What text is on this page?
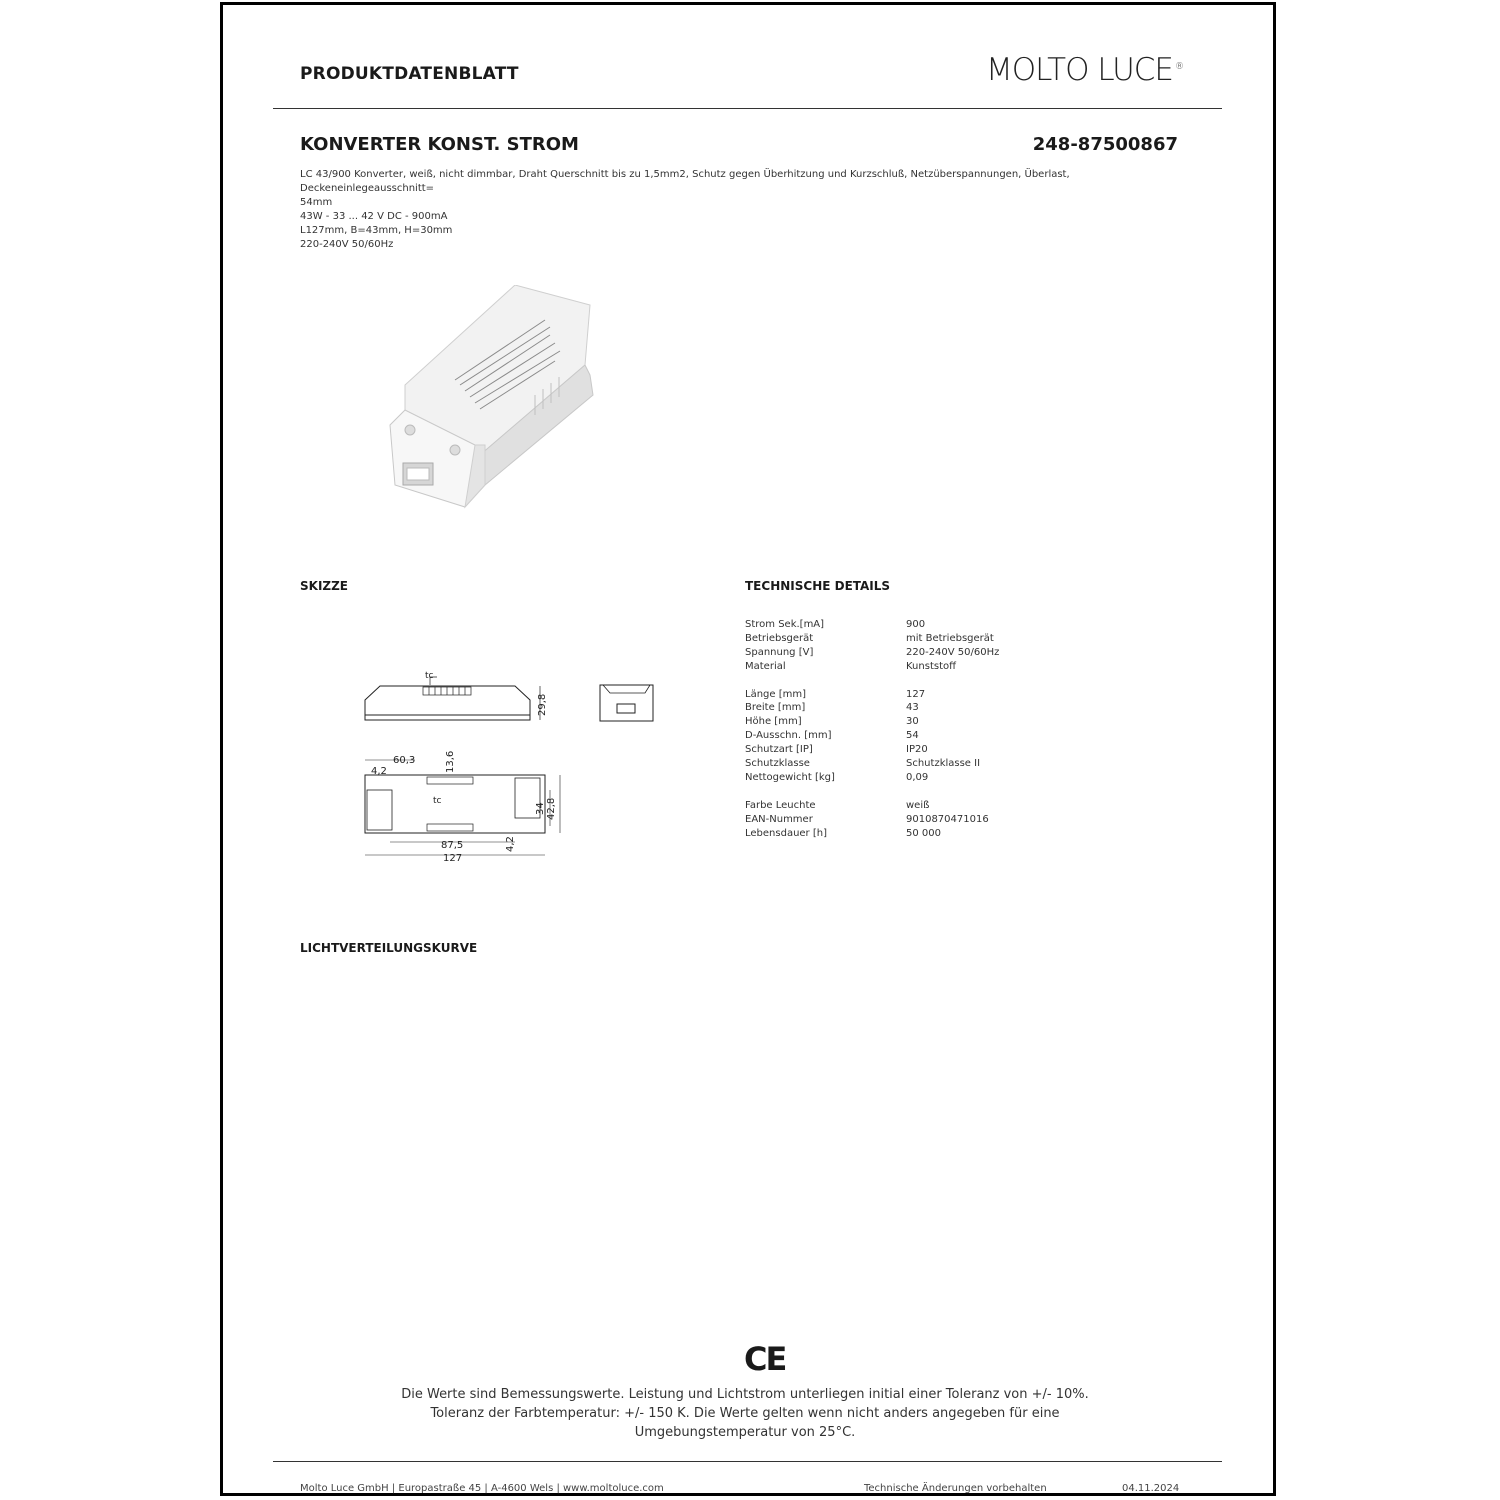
PRODUKTDATENBLATT	MOLTO LUCE ®
KONVERTER KONST. STROM	248-87500867
LC 43/900 Konverter, weiß, nicht dimmbar, Draht Querschnitt bis zu 1,5mm2, Schutz gegen Überhitzung und Kurzschluß, Netzüberspannungen, Überlast, Deckeneinlegeausschnitt=
54mm
43W - 33 ... 42 V DC - 900mA
L127mm, B=43mm, H=30mm
220-240V 50/60Hz
SKIZZE	TECHNISCHE DETAILS
LICHTVERTEILUNGSKURVE
tc
29,8
60,3
4,2	13,6
tc
34 42,8
87,5	4,2
127
Strom Sek.[mA]	900
Betriebsgerät	mit Betriebsgerät
Spannung [V]	220-240V 50/60Hz
Material	Kunststoff
Länge [mm]	127
Breite [mm]	43
Höhe [mm]	30
D-Ausschn. [mm]	54
Schutzart [IP]	IP20
Schutzklasse	Schutzklasse II
Nettogewicht [kg]	0,09
Farbe Leuchte	weiß
EAN-Nummer	9010870471016
Lebensdauer [h]	50 000
CE
Die Werte sind Bemessungswerte. Leistung und Lichtstrom unterliegen initial einer Toleranz von +/- 10%.
Toleranz der Farbtemperatur: +/- 150 K. Die Werte gelten wenn nicht anders angegeben für eine
Umgebungstemperatur von 25°C.
Molto Luce GmbH | Europastraße 45 | A-4600 Wels | www.moltoluce.com	Technische Änderungen vorbehalten	04.11.2024
